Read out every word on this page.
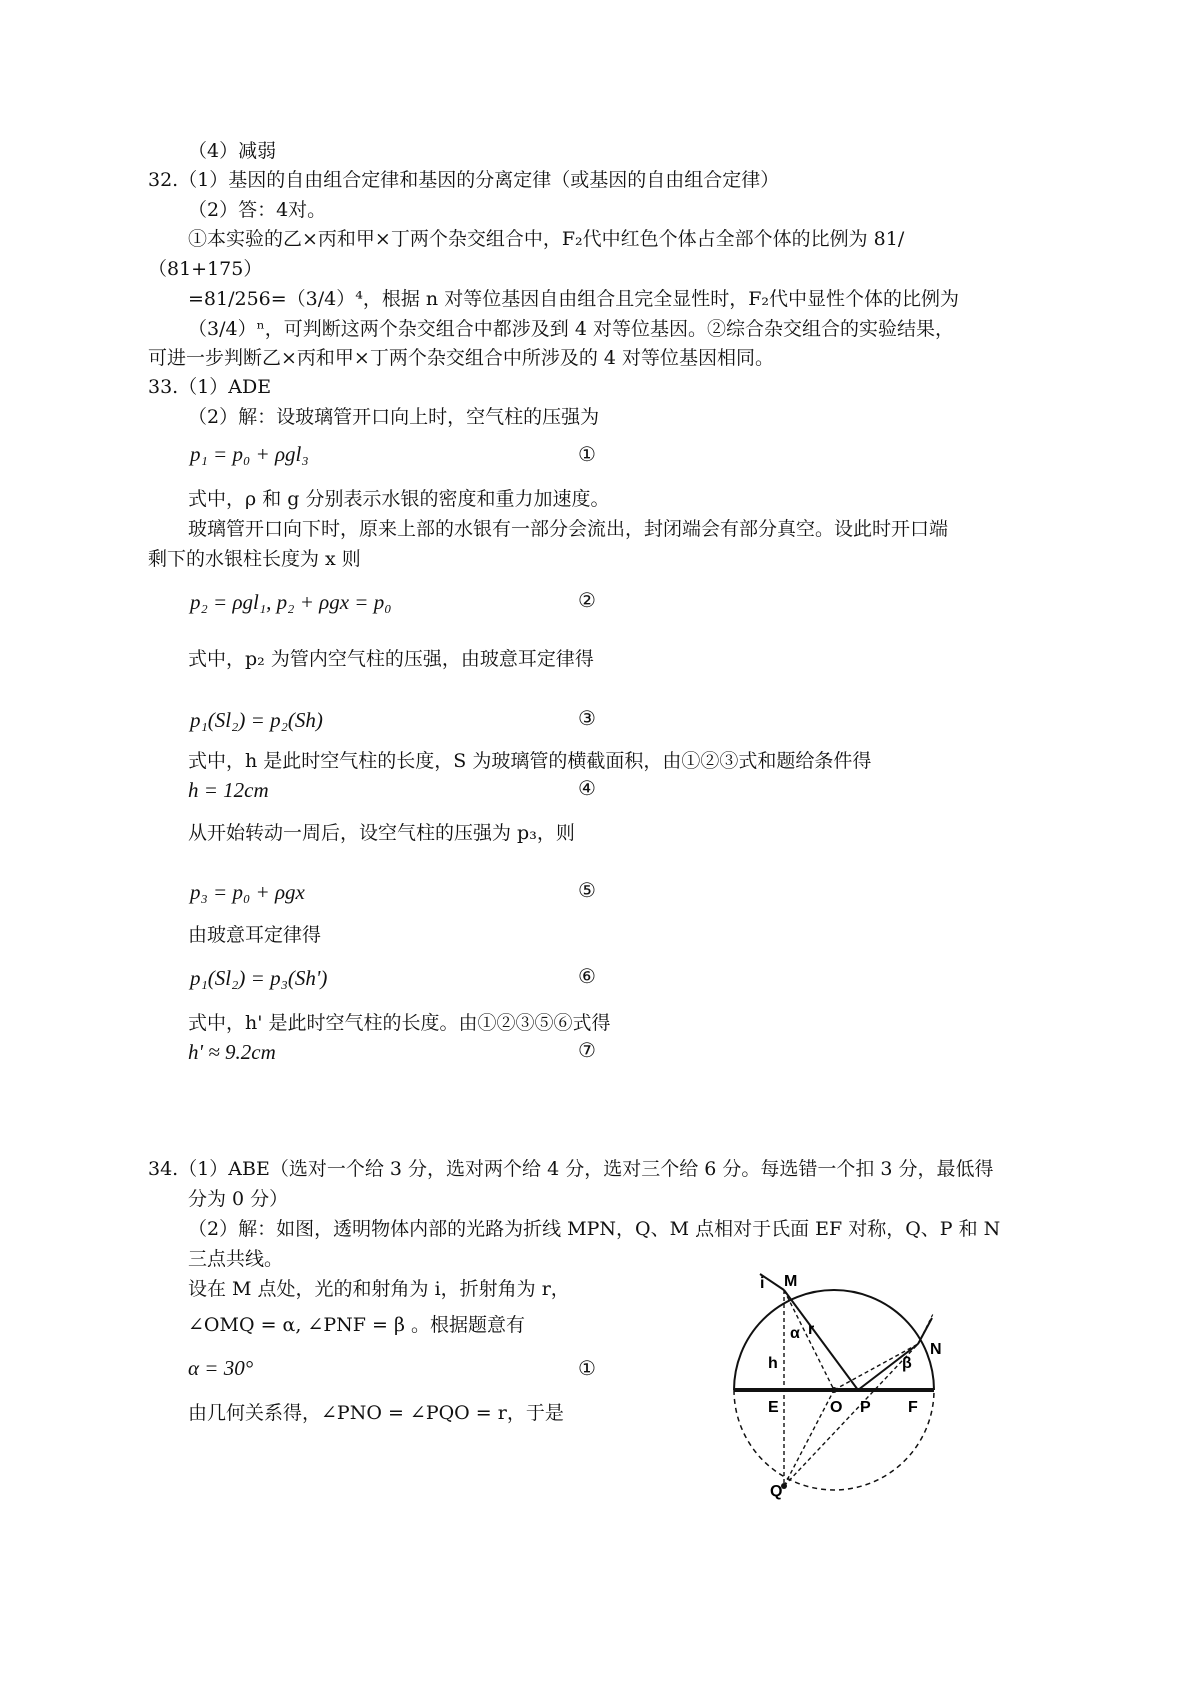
（4）减弱
32.（1）基因的自由组合定律和基因的分离定律（或基因的自由组合定律）
（2）答：4对。
①本实验的乙×丙和甲×丁两个杂交组合中，F₂代中红色个体占全部个体的比例为 81/
（81+175）
=81/256=（3/4）⁴，根据 n 对等位基因自由组合且完全显性时，F₂代中显性个体的比例为
（3/4）ⁿ，可判断这两个杂交组合中都涉及到 4 对等位基因。②综合杂交组合的实验结果，
可进一步判断乙×丙和甲×丁两个杂交组合中所涉及的 4 对等位基因相同。
33.（1）ADE
（2）解：设玻璃管开口向上时，空气柱的压强为
p₁ = p₀ + ρgl₃	①
式中，ρ 和 g 分别表示水银的密度和重力加速度。
玻璃管开口向下时，原来上部的水银有一部分会流出，封闭端会有部分真空。设此时开口端
剩下的水银柱长度为 x 则
p₂ = ρgl₁, p₂ + ρgx = p₀	②
式中，p₂ 为管内空气柱的压强，由玻意耳定律得
p₁(Sl₂) = p₂(Sh)	③
式中，h 是此时空气柱的长度，S 为玻璃管的横截面积，由①②③式和题给条件得
h = 12cm	④
从开始转动一周后，设空气柱的压强为 p₃，则
p₃ = p₀ + ρgx	⑤
由玻意耳定律得
p₁(Sl₂) = p₃(Sh')	⑥
式中，h' 是此时空气柱的长度。由①②③⑤⑥式得
h' ≈ 9.2cm	⑦
34.（1）ABE（选对一个给 3 分，选对两个给 4 分，选对三个给 6 分。每选错一个扣 3 分，最低得
分为 0 分）
（2）解：如图，透明物体内部的光路为折线 MPN，Q、M 点相对于氏面 EF 对称，Q、P 和 N
三点共线。
设在 M 点处，光的和射角为 i，折射角为 r，
∠OMQ = α, ∠PNF = β 。根据题意有
α = 30°	①
由几何关系得，∠PNO = ∠PQO = r，于是
i M
N
E	O P F
Q
h
α r
β
